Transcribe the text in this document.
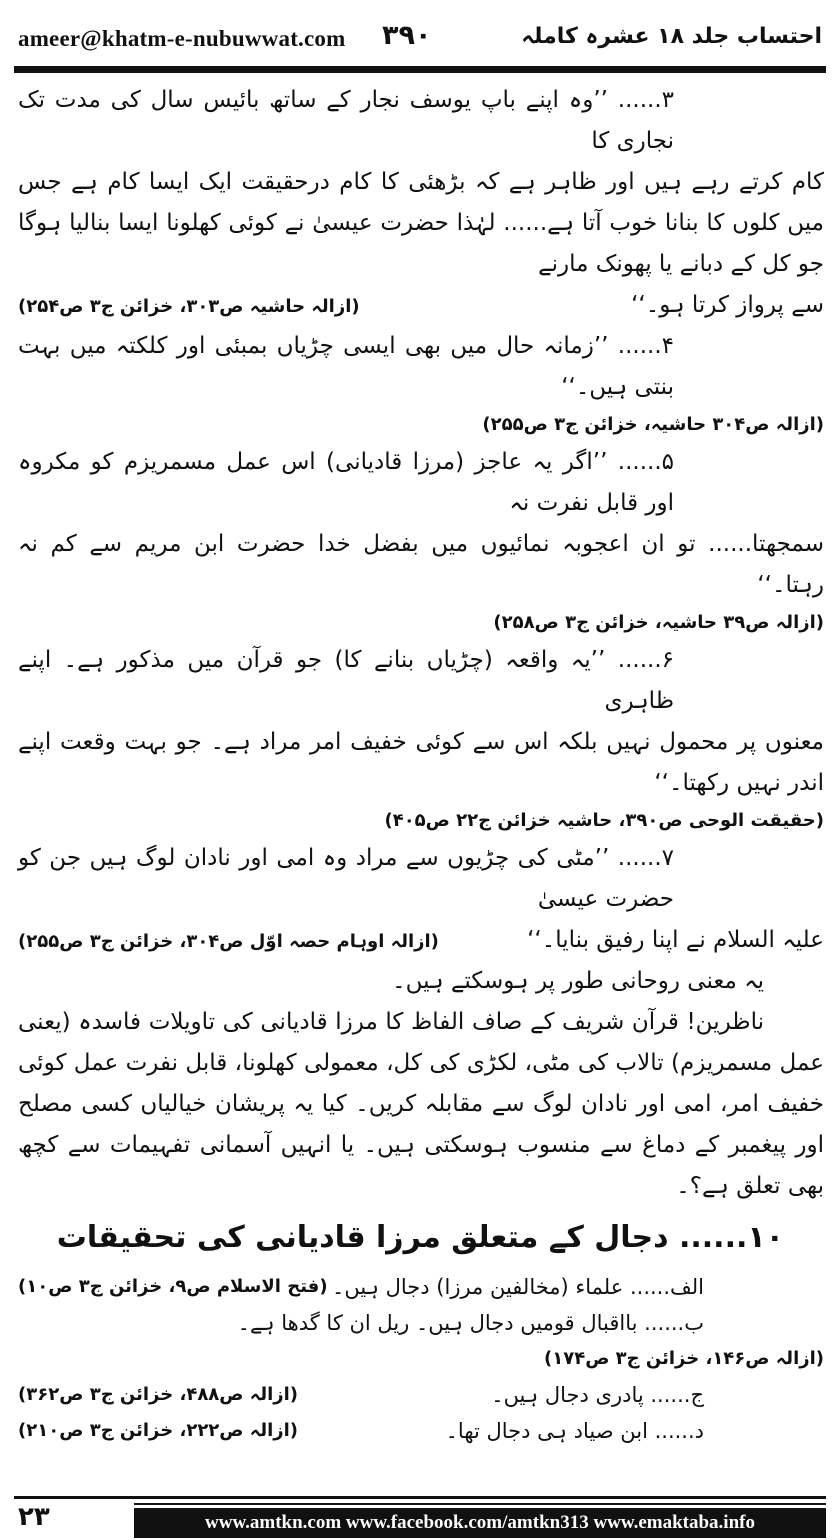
ameer@khatm-e-nubuwwat.com ۳۹۰	احتساب جلد ۱۸ عشرہ کاملہ

۳...... ’’وہ اپنے باپ یوسف نجار کے ساتھ بائیس سال کی مدت تک نجاری کا

کام کرتے رہے ہیں اور ظاہر ہے کہ بڑھئی کا کام درحقیقت ایک ایسا کام ہے جس میں کلوں کا بنانا خوب آتا ہے...... لہٰذا حضرت عیسیٰ نے کوئی کھلونا ایسا بنالیا ہوگا جو کل کے دبانے یا پھونک مارنے

سے پرواز کرتا ہو۔‘‘
(ازالہ حاشیہ ص۳۰۳، خزائن ج۳ ص۲۵۴)

۴...... ’’زمانہ حال میں بھی ایسی چڑیاں بمبئی اور کلکتہ میں بہت بنتی ہیں۔‘‘

(ازالہ ص۳۰۴ حاشیہ، خزائن ج۳ ص۲۵۵)

۵...... ’’اگر یہ عاجز (مرزا قادیانی) اس عمل مسمریزم کو مکروہ اور قابل نفرت نہ

سمجھتا...... تو ان اعجوبہ نمائیوں میں بفضل خدا حضرت ابن مریم سے کم نہ رہتا۔‘‘

(ازالہ ص۳۹ حاشیہ، خزائن ج۳ ص۲۵۸)

۶...... ’’یہ واقعہ (چڑیاں بنانے کا) جو قرآن میں مذکور ہے۔ اپنے ظاہری

معنوں پر محمول نہیں بلکہ اس سے کوئی خفیف امر مراد ہے۔ جو بہت وقعت اپنے اندر نہیں رکھتا۔‘‘

(حقیقت الوحی ص۳۹۰، حاشیہ خزائن ج۲۲ ص۴۰۵)

۷...... ’’مٹی کی چڑیوں سے مراد وہ امی اور نادان لوگ ہیں جن کو حضرت عیسیٰ

علیہ السلام نے اپنا رفیق بنایا۔‘‘
(ازالہ اوہام حصہ اوّل ص۳۰۴، خزائن ج۳ ص۲۵۵)

یہ معنی روحانی طور پر ہوسکتے ہیں۔

ناظرین! قرآن شریف کے صاف الفاظ کا مرزا قادیانی کی تاویلات فاسدہ (یعنی عمل مسمریزم) تالاب کی مٹی، لکڑی کی کل، معمولی کھلونا، قابل نفرت عمل کوئی خفیف امر، امی اور نادان لوگ سے مقابلہ کریں۔ کیا یہ پریشان خیالیاں کسی مصلح اور پیغمبر کے دماغ سے منسوب ہوسکتی ہیں۔ یا انہیں آسمانی تفہیمات سے کچھ بھی تعلق ہے؟۔

۱۰...... دجال کے متعلق مرزا قادیانی کی تحقیقات
الف...... علماء (مخالفین مرزا) دجال ہیں۔
(فتح الاسلام ص۹، خزائن ج۳ ص۱۰)
ب...... بااقبال قومیں دجال ہیں۔ ریل ان کا گدھا ہے۔
(ازالہ ص۱۴۶، خزائن ج۳ ص۱۷۴)
ج...... پادری دجال ہیں۔
(ازالہ ص۴۸۸، خزائن ج۳ ص۳۶۲)
د...... ابن صیاد ہی دجال تھا۔
(ازالہ ص۲۲۲، خزائن ج۳ ص۲۱۰)
۲۳	www.amtkn.com www.facebook.com/amtkn313 www.emaktaba.info
